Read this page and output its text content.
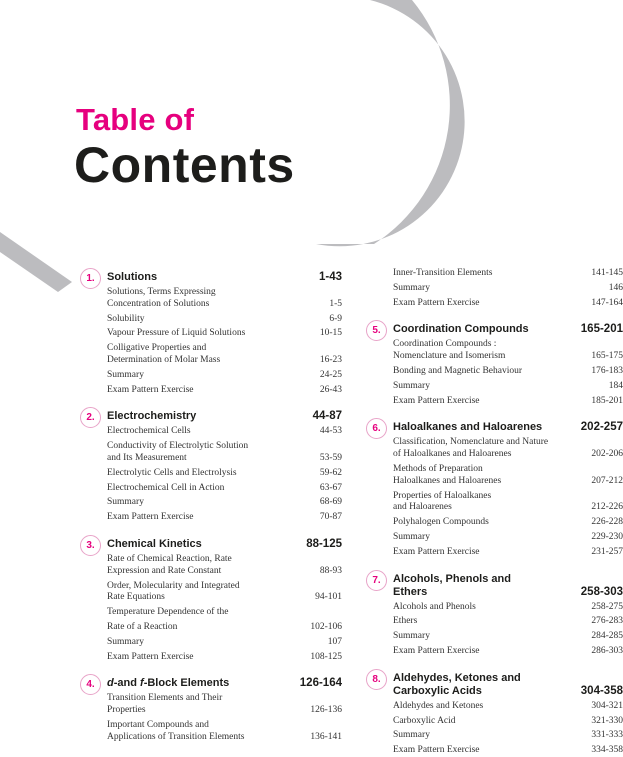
Table of
Contents
1.	Solutions	1-43
Solutions, Terms Expressing
Concentration of Solutions	1-5
Solubility	6-9
Vapour Pressure of Liquid Solutions	10-15
Colligative Properties and
Determination of Molar Mass	16-23
Summary	24-25
Exam Pattern Exercise	26-43
2.	Electrochemistry	44-87
Electrochemical Cells	44-53
Conductivity of Electrolytic Solution
and Its Measurement	53-59
Electrolytic Cells and Electrolysis	59-62
Electrochemical Cell in Action	63-67
Summary	68-69
Exam Pattern Exercise	70-87
3.	Chemical Kinetics	88-125
Rate of Chemical Reaction, Rate
Expression and Rate Constant	88-93
Order, Molecularity and Integrated
Rate Equations	94-101
Temperature Dependence of the
Rate of a Reaction	102-106
Summary	107
Exam Pattern Exercise	108-125
4.	d-and f-Block Elements	126-164
Transition Elements and Their
Properties	126-136
Important Compounds and
Applications of Transition Elements	136-141
Inner-Transition Elements	141-145
Summary	146
Exam Pattern Exercise	147-164
5.	Coordination Compounds	165-201
Coordination Compounds :
Nomenclature and Isomerism	165-175
Bonding and Magnetic Behaviour	176-183
Summary	184
Exam Pattern Exercise	185-201
6.	Haloalkanes and Haloarenes	202-257
Classification, Nomenclature and Nature
of Haloalkanes and Haloarenes	202-206
Methods of Preparation
Haloalkanes and Haloarenes	207-212
Properties of Haloalkanes
and Haloarenes	212-226
Polyhalogen Compounds	226-228
Summary	229-230
Exam Pattern Exercise	231-257
7.	Alcohols, Phenols and Ethers	258-303
Alcohols and Phenols	258-275
Ethers	276-283
Summary	284-285
Exam Pattern Exercise	286-303
8.	Aldehydes, Ketones and
Carboxylic Acids	304-358
Aldehydes and Ketones	304-321
Carboxylic Acid	321-330
Summary	331-333
Exam Pattern Exercise	334-358
